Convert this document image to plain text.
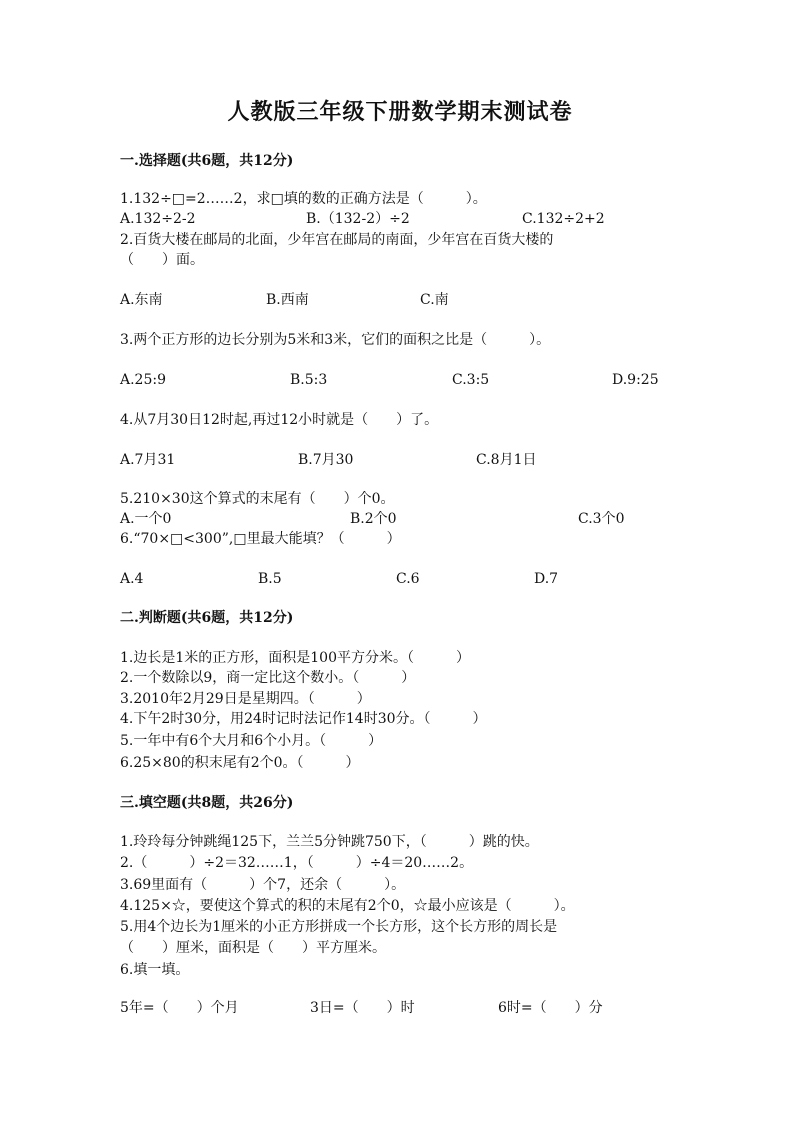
人教版三年级下册数学期末测试卷
一.选择题(共6题，共12分)
1.132÷□=2……2，求□填的数的正确方法是（　　　）。
A.132÷2-2	B.（132-2）÷2	C.132÷2+2
2.百货大楼在邮局的北面，少年宫在邮局的南面，少年宫在百货大楼的
（　　）面。
A.东南	B.西南	C.南
3.两个正方形的边长分别为5米和3米，它们的面积之比是（　　　）。
A.25:9	B.5:3	C.3:5	D.9:25
4.从7月30日12时起,再过12小时就是（　　）了。
A.7月31	B.7月30	C.8月1日
5.210×30这个算式的末尾有（　　）个0。
A.一个0	B.2个0	C.3个0
6.“70×□<300”,□里最大能填？（　　　）
A.4	B.5	C.6	D.7
二.判断题(共6题，共12分)
1.边长是1米的正方形，面积是100平方分米。（　　　）
2.一个数除以9，商一定比这个数小。（　　　）
3.2010年2月29日是星期四。（　　　）
4.下午2时30分，用24时记时法记作14时30分。（　　　）
5.一年中有6个大月和6个小月。（　　　）
6.25×80的积末尾有2个0。（　　　）
三.填空题(共8题，共26分)
1.玲玲每分钟跳绳125下，兰兰5分钟跳750下，（　　　）跳的快。
2.（　　　）÷2＝32……1，（　　　）÷4＝20……2。
3.69里面有（　　　）个7，还余（　　　）。
4.125×☆，要使这个算式的积的末尾有2个0，☆最小应该是（　　　）。
5.用4个边长为1厘米的小正方形拼成一个长方形，这个长方形的周长是
（　　）厘米，面积是（　　）平方厘米。
6.填一填。
5年=（　　）个月	3日=（　　）时	6时=（　　）分
